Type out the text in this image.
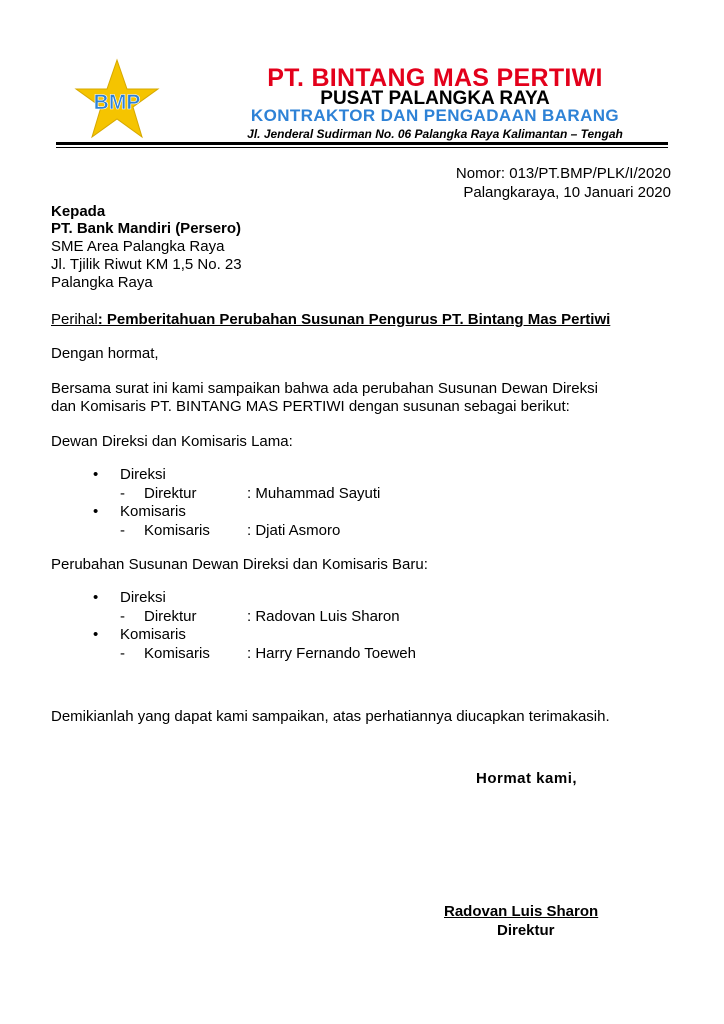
BMP
PT. BINTANG MAS PERTIWI
PUSAT PALANGKA RAYA
KONTRAKTOR DAN PENGADAAN BARANG
Jl. Jenderal Sudirman No. 06 Palangka Raya Kalimantan – Tengah
Nomor: 013/PT.BMP/PLK/I/2020
Palangkaraya, 10 Januari 2020
Kepada
PT. Bank Mandiri (Persero)
SME Area Palangka Raya
Jl. Tjilik Riwut KM 1,5 No. 23
Palangka Raya
Perihal: Pemberitahuan Perubahan Susunan Pengurus PT. Bintang Mas Pertiwi
Dengan hormat,
Bersama surat ini kami sampaikan bahwa ada perubahan Susunan Dewan Direksi
dan Komisaris PT. BINTANG MAS PERTIWI dengan susunan sebagai berikut:
Dewan Direksi dan Komisaris Lama:
• Direksi
- Direktur	: Muhammad Sayuti
• Komisaris
- Komisaris : Djati Asmoro
Perubahan Susunan Dewan Direksi dan Komisaris Baru:
• Direksi
- Direktur	: Radovan Luis Sharon
• Komisaris
- Komisaris : Harry Fernando Toeweh
Demikianlah yang dapat kami sampaikan, atas perhatiannya diucapkan terimakasih.
Hormat kami,
Radovan Luis Sharon
Direktur
